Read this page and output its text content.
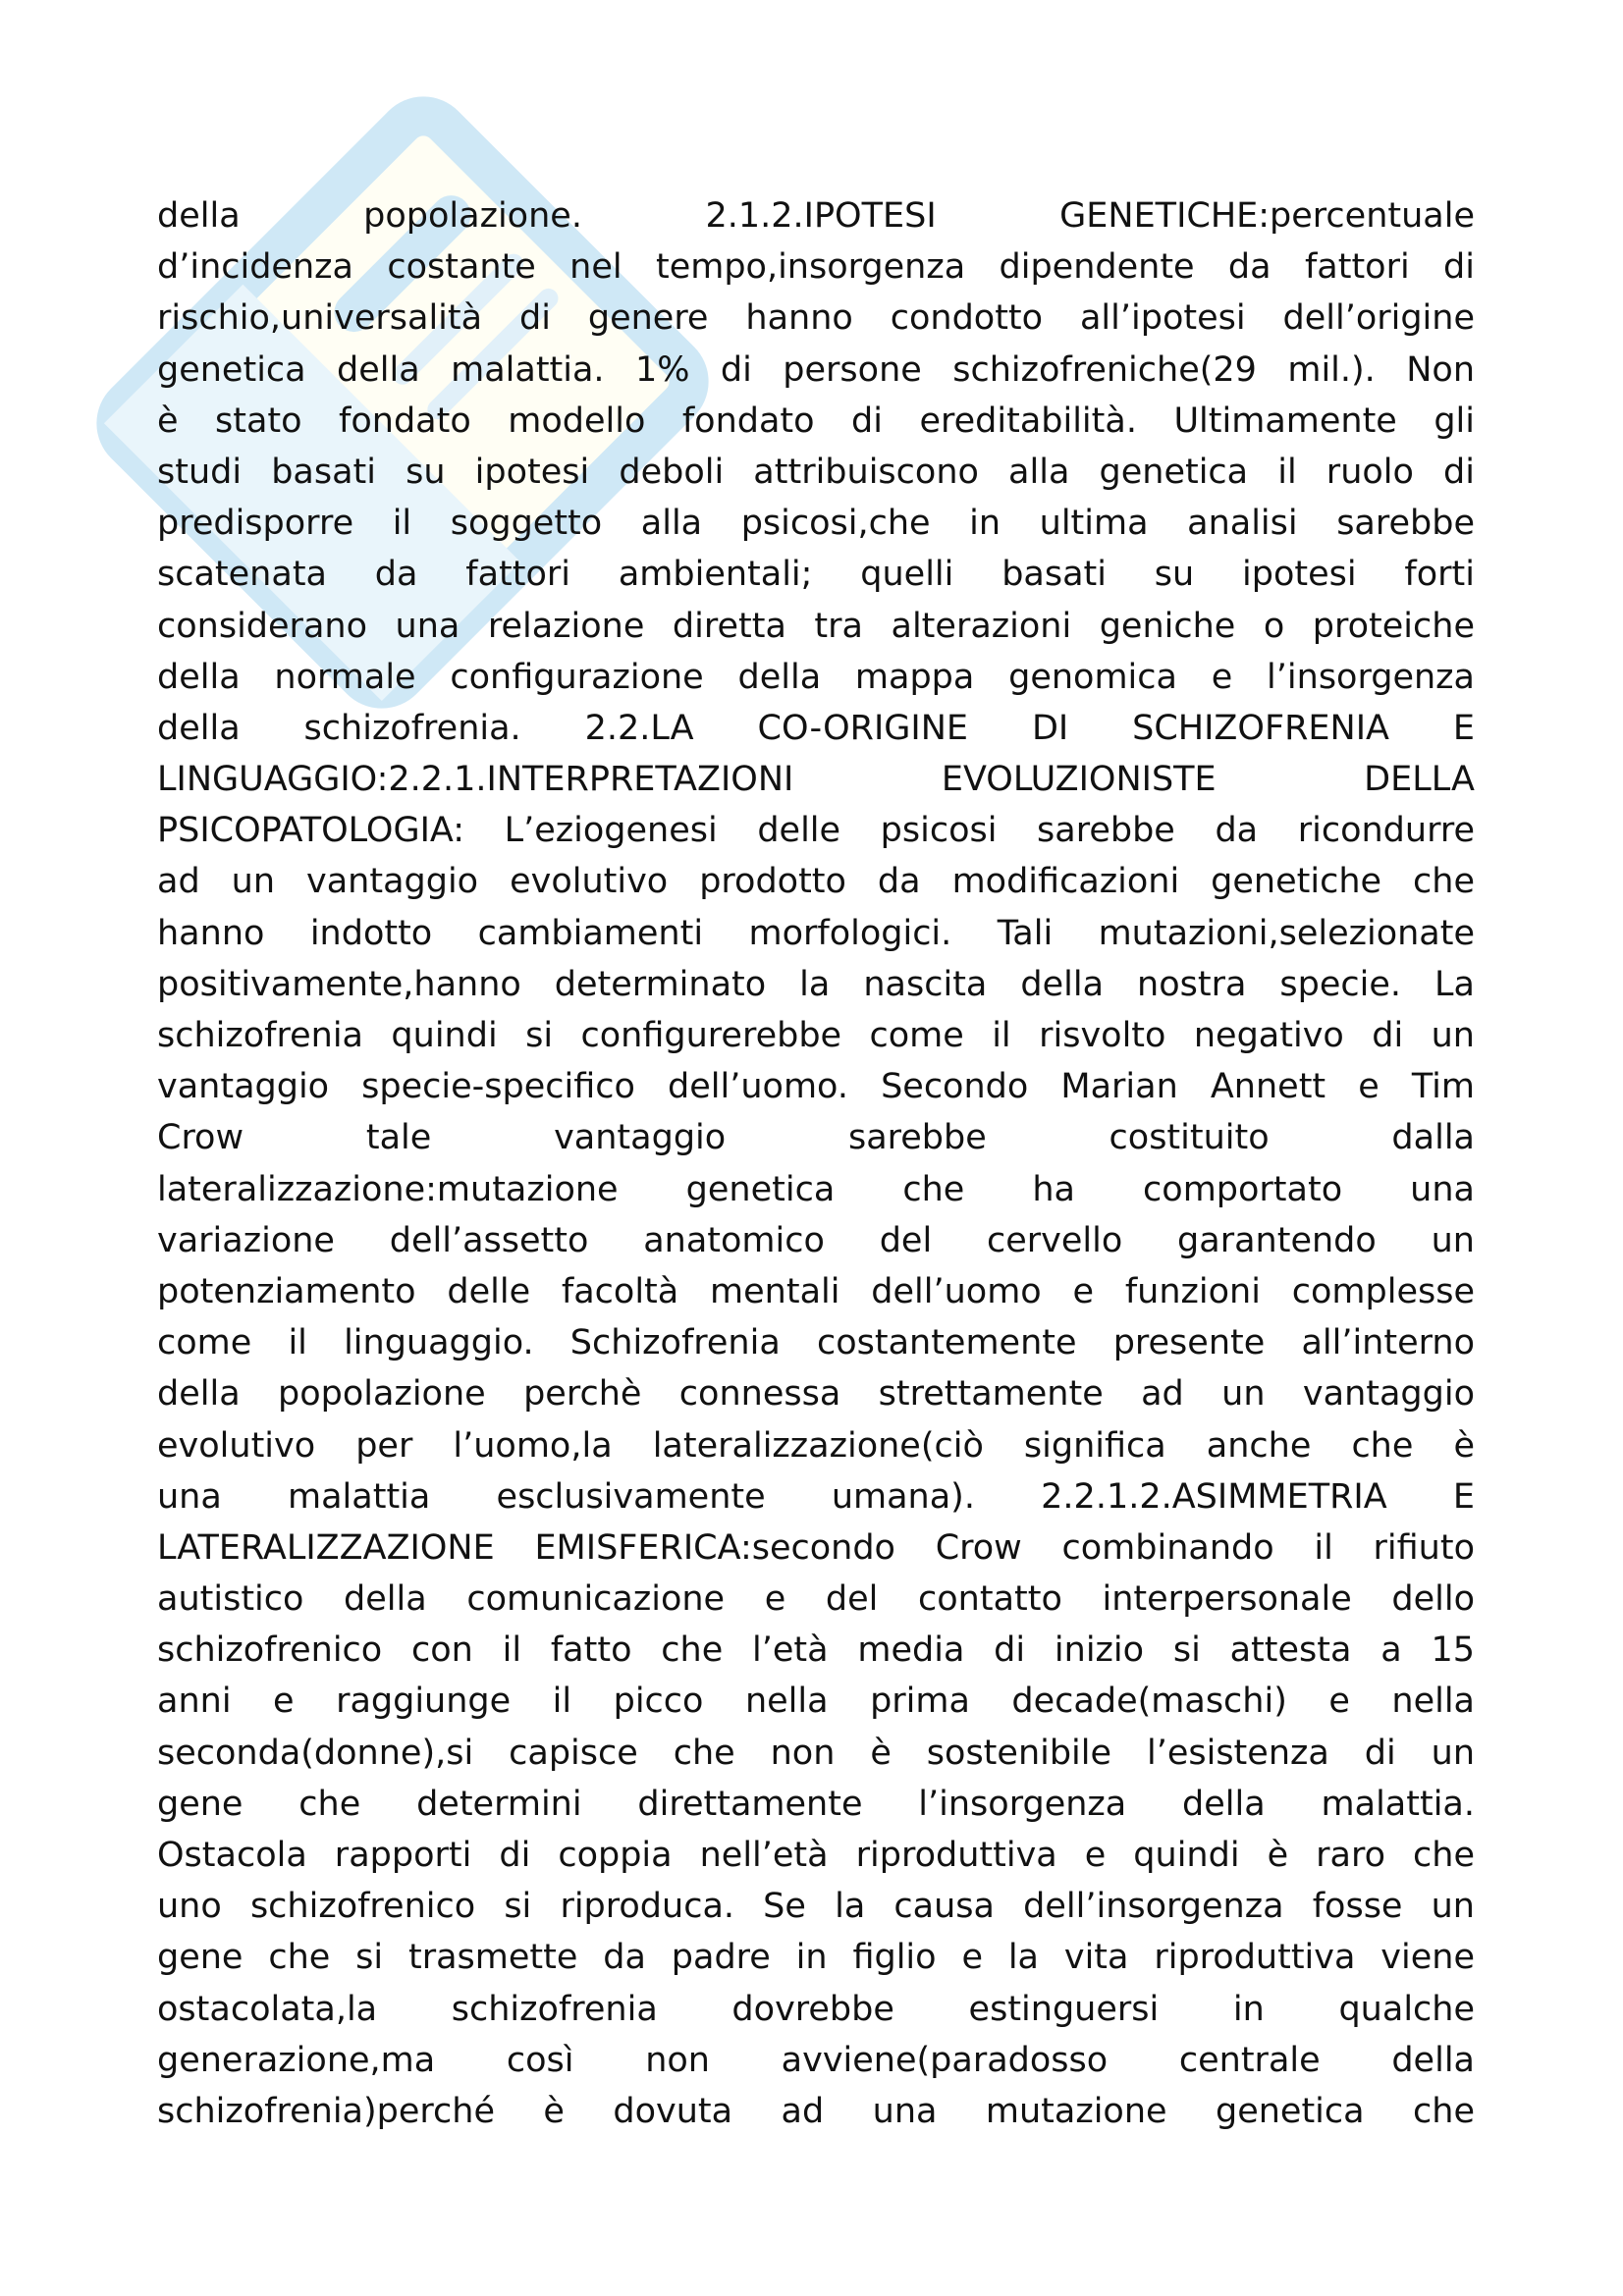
della popolazione. 2.1.2.IPOTESI GENETICHE:percentuale
d’incidenza costante nel tempo,insorgenza dipendente da fattori di
rischio,universalità di genere hanno condotto all’ipotesi dell’origine
genetica della malattia. 1% di persone schizofreniche(29 mil.). Non
è stato fondato modello fondato di ereditabilità. Ultimamente gli
studi basati su ipotesi deboli attribuiscono alla genetica il ruolo di
predisporre il soggetto alla psicosi,che in ultima analisi sarebbe
scatenata da fattori ambientali; quelli basati su ipotesi forti
considerano una relazione diretta tra alterazioni geniche o proteiche
della normale configurazione della mappa genomica e l’insorgenza
della schizofrenia. 2.2.LA CO-ORIGINE DI SCHIZOFRENIA E
LINGUAGGIO:2.2.1.INTERPRETAZIONI EVOLUZIONISTE DELLA
PSICOPATOLOGIA: L’eziogenesi delle psicosi sarebbe da ricondurre
ad un vantaggio evolutivo prodotto da modificazioni genetiche che
hanno indotto cambiamenti morfologici. Tali mutazioni,selezionate
positivamente,hanno determinato la nascita della nostra specie. La
schizofrenia quindi si configurerebbe come il risvolto negativo di un
vantaggio specie-specifico dell’uomo. Secondo Marian Annett e Tim
Crow tale vantaggio sarebbe costituito dalla
lateralizzazione:mutazione genetica che ha comportato una
variazione dell’assetto anatomico del cervello garantendo un
potenziamento delle facoltà mentali dell’uomo e funzioni complesse
come il linguaggio. Schizofrenia costantemente presente all’interno
della popolazione perchè connessa strettamente ad un vantaggio
evolutivo per l’uomo,la lateralizzazione(ciò significa anche che è
una malattia esclusivamente umana). 2.2.1.2.ASIMMETRIA E
LATERALIZZAZIONE EMISFERICA:secondo Crow combinando il rifiuto
autistico della comunicazione e del contatto interpersonale dello
schizofrenico con il fatto che l’età media di inizio si attesta a 15
anni e raggiunge il picco nella prima decade(maschi) e nella
seconda(donne),si capisce che non è sostenibile l’esistenza di un
gene che determini direttamente l’insorgenza della malattia.
Ostacola rapporti di coppia nell’età riproduttiva e quindi è raro che
uno schizofrenico si riproduca. Se la causa dell’insorgenza fosse un
gene che si trasmette da padre in figlio e la vita riproduttiva viene
ostacolata,la schizofrenia dovrebbe estinguersi in qualche
generazione,ma così non avviene(paradosso centrale della
schizofrenia)perché è dovuta ad una mutazione genetica che
